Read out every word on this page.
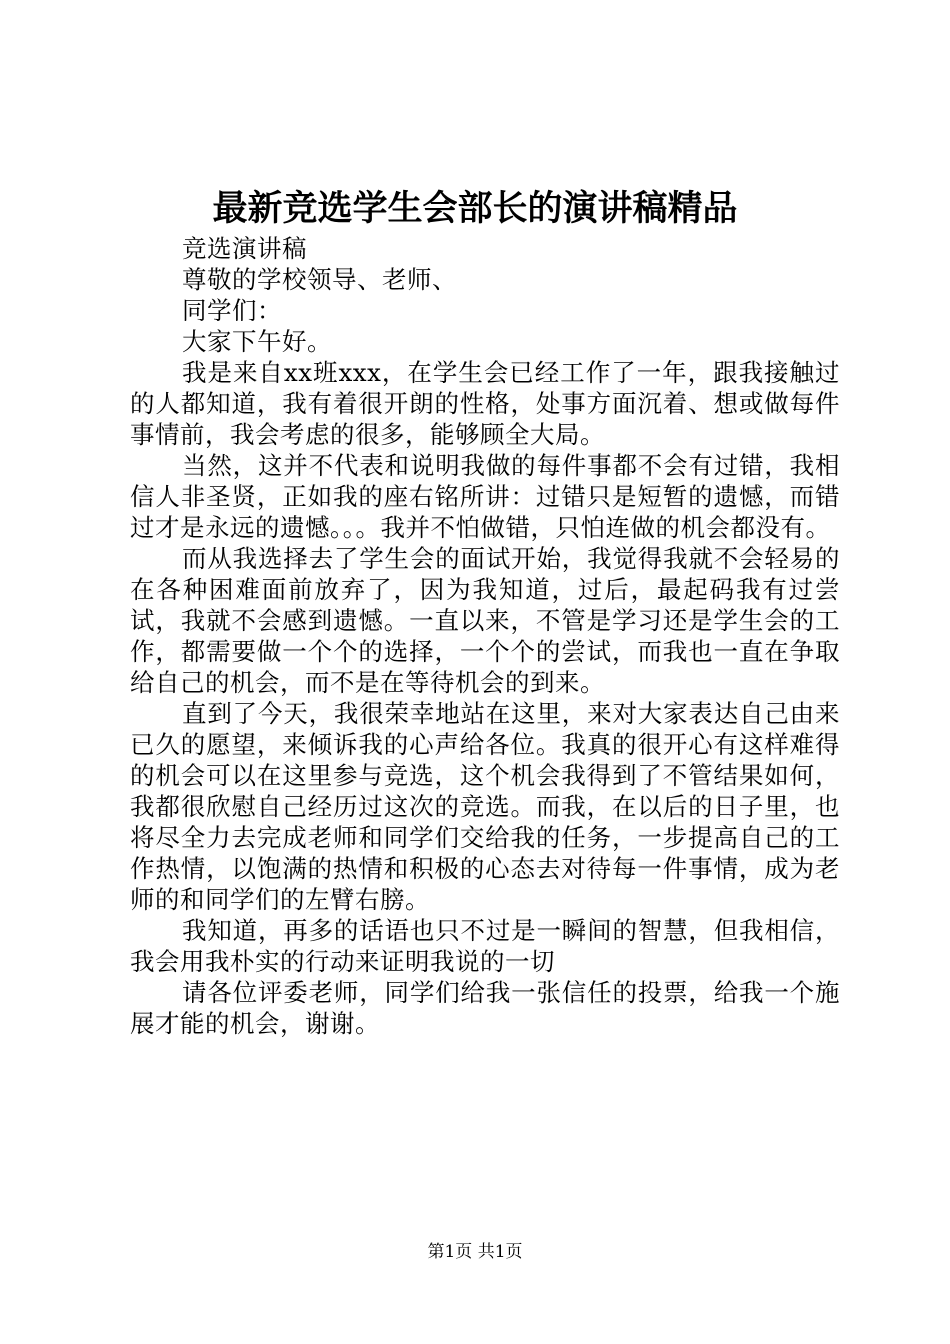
最新竞选学生会部长的演讲稿精品

竞选演讲稿

尊敬的学校领导、老师、

同学们：

大家下午好。

我是来自xx班xxx，在学生会已经工作了一年，跟我接触过的人都知道，我有着很开朗的性格，处事方面沉着、想或做每件事情前，我会考虑的很多，能够顾全大局。

当然，这并不代表和说明我做的每件事都不会有过错，我相信人非圣贤，正如我的座右铭所讲：过错只是短暂的遗憾，而错过才是永远的遗憾。。。我并不怕做错，只怕连做的机会都没有。

而从我选择去了学生会的面试开始，我觉得我就不会轻易的在各种困难面前放弃了，因为我知道，过后，最起码我有过尝试，我就不会感到遗憾。一直以来，不管是学习还是学生会的工作，都需要做一个个的选择，一个个的尝试，而我也一直在争取给自己的机会，而不是在等待机会的到来。

直到了今天，我很荣幸地站在这里，来对大家表达自己由来已久的愿望，来倾诉我的心声给各位。我真的很开心有这样难得的机会可以在这里参与竞选，这个机会我得到了不管结果如何，我都很欣慰自己经历过这次的竞选。而我，在以后的日子里，也将尽全力去完成老师和同学们交给我的任务，一步提高自己的工作热情，以饱满的热情和积极的心态去对待每一件事情，成为老师的和同学们的左臂右膀。

我知道，再多的话语也只不过是一瞬间的智慧，但我相信，我会用我朴实的行动来证明我说的一切

请各位评委老师，同学们给我一张信任的投票，给我一个施展才能的机会，谢谢。

第1页 共1页
